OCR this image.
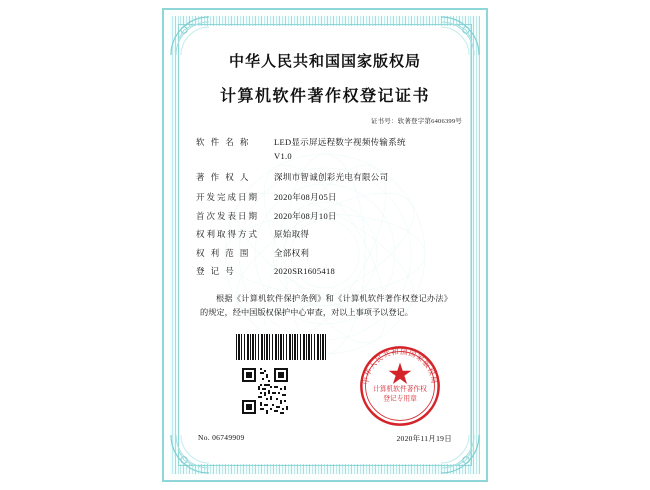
中华人民共和国国家版权局
计算机软件著作权登记证书
证书号：软著登字第6406399号
软 件 名 称	LED显示屏远程数字视频传输系统
V1.0
著 作 权 人	深圳市智诚创彩光电有限公司
开发完成日期	2020年08月05日
首次发表日期	2020年08月10日
权利取得方式	原始取得
权 利 范 围	全部权利
登 记 号	2020SR1605418
根据《计算机软件保护条例》和《计算机软件著作权登记办法》的规定，经中国版权保护中心审查，对以上事项予以登记。
中华人民共和国国家版权局
计算机软件著作权
登记专用章
No. 06749909	2020年11月19日
